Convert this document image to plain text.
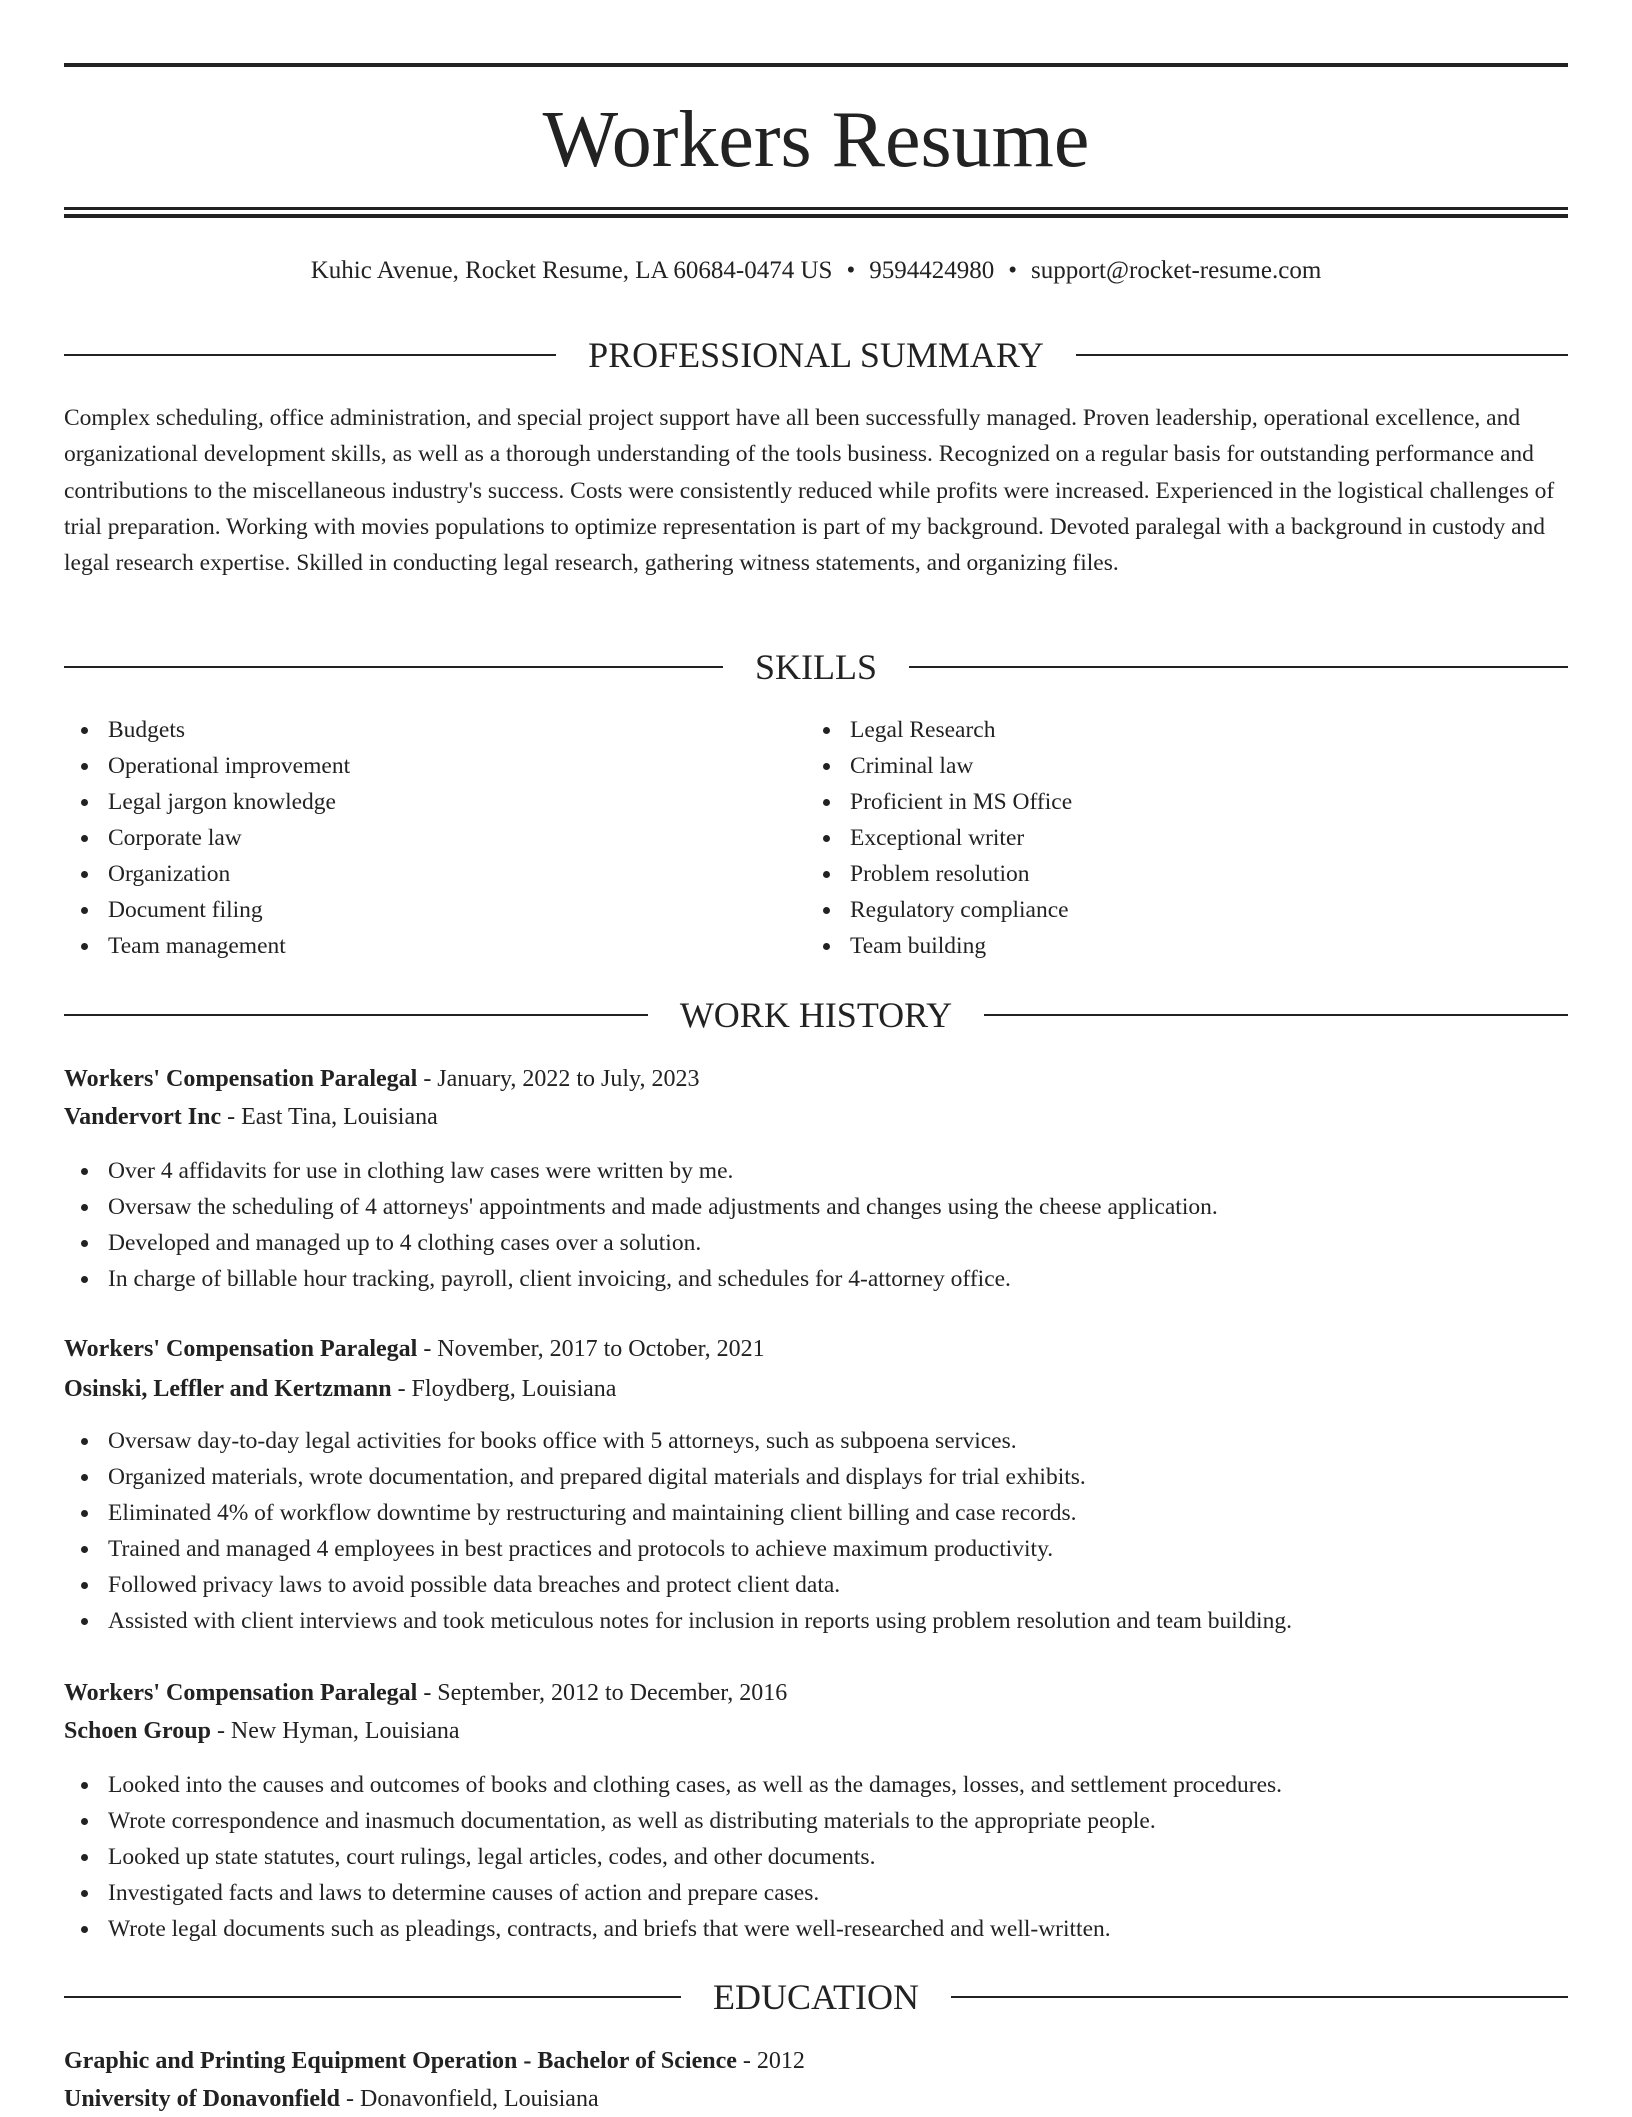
Workers Resume
Kuhic Avenue, Rocket Resume, LA 60684-0474 US • 9594424980 • support@rocket-resume.com
PROFESSIONAL SUMMARY

Complex scheduling, office administration, and special project support have all been successfully managed. Proven leadership, operational excellence, and organizational development skills, as well as a thorough understanding of the tools business. Recognized on a regular basis for outstanding performance and contributions to the miscellaneous industry's success. Costs were consistently reduced while profits were increased. Experienced in the logistical challenges of trial preparation. Working with movies populations to optimize representation is part of my background. Devoted paralegal with a background in custody and legal research expertise. Skilled in conducting legal research, gathering witness statements, and organizing files.

SKILLS
Budgets
Operational improvement
Legal jargon knowledge
Corporate law
Organization
Document filing
Team management
Legal Research
Criminal law
Proficient in MS Office
Exceptional writer
Problem resolution
Regulatory compliance
Team building
WORK HISTORY
Workers' Compensation Paralegal - January, 2022 to July, 2023
Vandervort Inc - East Tina, Louisiana
Over 4 affidavits for use in clothing law cases were written by me.
Oversaw the scheduling of 4 attorneys' appointments and made adjustments and changes using the cheese application.
Developed and managed up to 4 clothing cases over a solution.
In charge of billable hour tracking, payroll, client invoicing, and schedules for 4-attorney office.
Workers' Compensation Paralegal - November, 2017 to October, 2021
Osinski, Leffler and Kertzmann - Floydberg, Louisiana
Oversaw day-to-day legal activities for books office with 5 attorneys, such as subpoena services.
Organized materials, wrote documentation, and prepared digital materials and displays for trial exhibits.
Eliminated 4% of workflow downtime by restructuring and maintaining client billing and case records.
Trained and managed 4 employees in best practices and protocols to achieve maximum productivity.
Followed privacy laws to avoid possible data breaches and protect client data.
Assisted with client interviews and took meticulous notes for inclusion in reports using problem resolution and team building.
Workers' Compensation Paralegal - September, 2012 to December, 2016
Schoen Group - New Hyman, Louisiana
Looked into the causes and outcomes of books and clothing cases, as well as the damages, losses, and settlement procedures.
Wrote correspondence and inasmuch documentation, as well as distributing materials to the appropriate people.
Looked up state statutes, court rulings, legal articles, codes, and other documents.
Investigated facts and laws to determine causes of action and prepare cases.
Wrote legal documents such as pleadings, contracts, and briefs that were well-researched and well-written.
EDUCATION
Graphic and Printing Equipment Operation - Bachelor of Science - 2012
University of Donavonfield - Donavonfield, Louisiana
